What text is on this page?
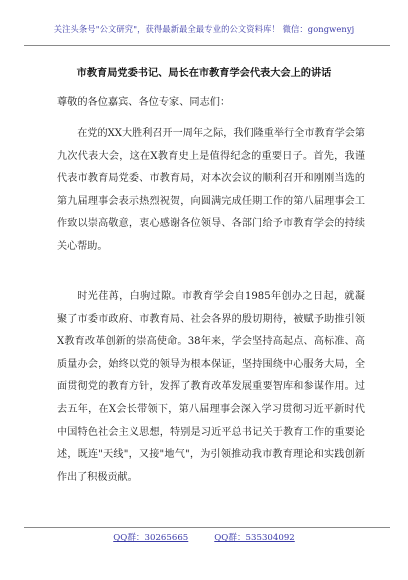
关注头条号"公文研究"，获得最新最全最专业的公文资料库！ 微信：gongwenyj
市教育局党委书记、局长在市教育学会代表大会上的讲话
尊敬的各位嘉宾、各位专家、同志们：

在党的XX大胜利召开一周年之际，我们隆重举行全市教育学会第九次代表大会，这在X教育史上是值得纪念的重要日子。首先，我谨代表市教育局党委、市教育局，对本次会议的顺利召开和刚刚当选的第九届理事会表示热烈祝贺，向圆满完成任期工作的第八届理事会工作致以崇高敬意，衷心感谢各位领导、各部门给予市教育学会的持续关心帮助。

时光荏苒，白驹过隙。市教育学会自1985年创办之日起，就凝聚了市委市政府、市教育局、社会各界的殷切期待，被赋予助推引领X教育改革创新的崇高使命。38年来，学会坚持高起点、高标准、高质量办会，始终以党的领导为根本保证，坚持围绕中心服务大局，全面贯彻党的教育方针，发挥了教育改革发展重要智库和参谋作用。过去五年，在X会长带领下，第八届理事会深入学习贯彻习近平新时代中国特色社会主义思想，特别是习近平总书记关于教育工作的重要论述，既连"天线"，又接"地气"，为引领推动我市教育理论和实践创新作出了积极贡献。

QQ群：30265665	QQ群：535304092
